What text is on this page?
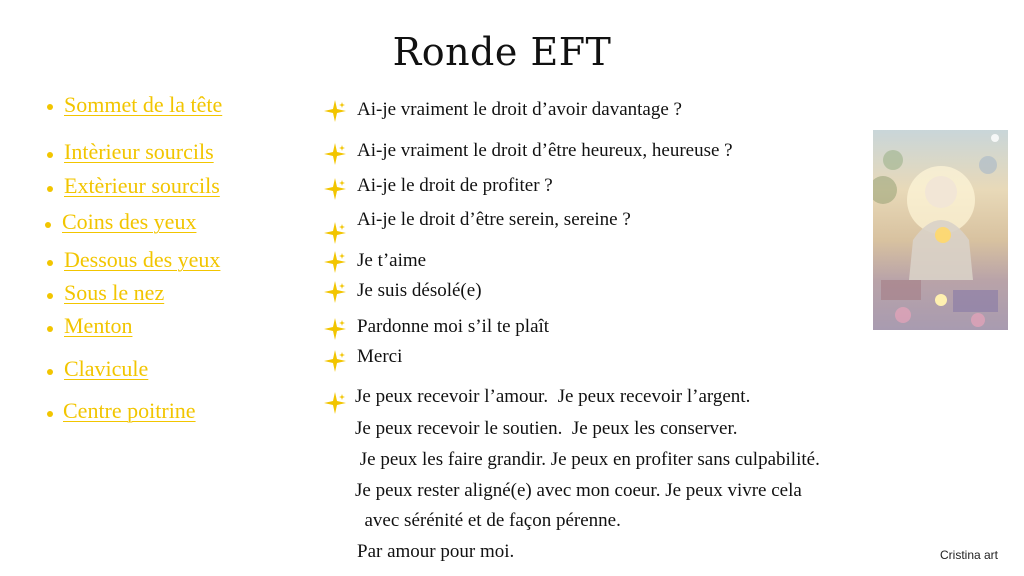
Ronde EFT
Sommet de la tête
Intèrieur sourcils
Extèrieur sourcils
Coins des yeux
Dessous des yeux
Sous le nez
Menton
Clavicule
Centre poitrine
Ai-je vraiment le droit d’avoir davantage ?
Ai-je vraiment le droit d’être heureux, heureuse ?
Ai-je le droit de profiter ?
Ai-je le droit d’être serein, sereine ?
Je t’aime
Je suis désolé(e)
Pardonne moi s’il te plaît
Merci
Je peux recevoir l’amour.  Je peux recevoir l’argent.
Je peux recevoir le soutien.  Je peux les conserver.
Je peux les faire grandir. Je peux en profiter sans culpabilité.
Je peux rester aligné(e) avec mon coeur. Je peux vivre cela
avec sérénité et de façon pérenne.
Par amour pour moi.	Cristina art
